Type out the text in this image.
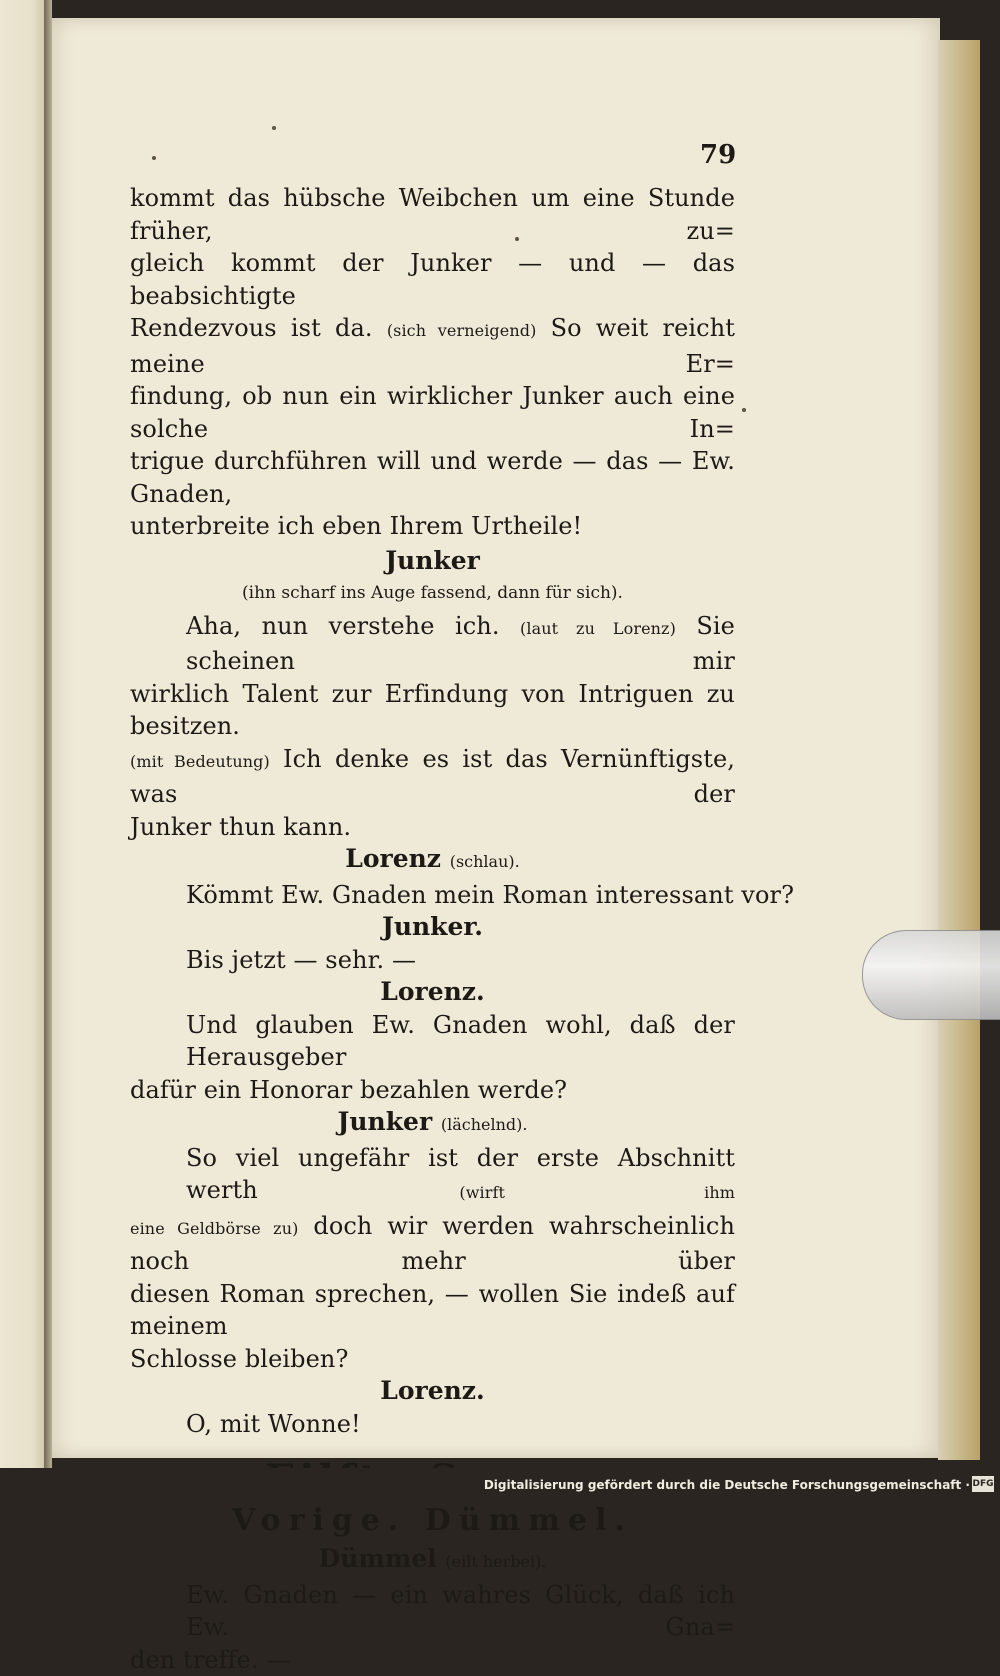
79
kommt das hübsche Weibchen um eine Stunde früher, zu=
gleich kommt der Junker — und — das beabsichtigte
Rendezvous ist da. (sich verneigend) So weit reicht meine Er=
findung, ob nun ein wirklicher Junker auch eine solche In=
trigue durchführen will und werde — das — Ew. Gnaden,
unterbreite ich eben Ihrem Urtheile!
Junker
(ihn scharf ins Auge fassend, dann für sich).
Aha, nun verstehe ich. (laut zu Lorenz) Sie scheinen mir
wirklich Talent zur Erfindung von Intriguen zu besitzen.
(mit Bedeutung) Ich denke es ist das Vernünftigste, was der
Junker thun kann.
Lorenz (schlau).
Kömmt Ew. Gnaden mein Roman interessant vor?
Junker.
Bis jetzt — sehr. —
Lorenz.
Und glauben Ew. Gnaden wohl, daß der Herausgeber
dafür ein Honorar bezahlen werde?
Junker (lächelnd).
So viel ungefähr ist der erste Abschnitt werth	(wirft ihm
eine Geldbörse zu) doch wir werden wahrscheinlich noch mehr über
diesen Roman sprechen, — wollen Sie indeß auf meinem
Schlosse bleiben?
Lorenz.
O, mit Wonne!
Vorige. Dümmel.
Dümmel (eilt herbei).
Ew. Gnaden — ein wahres Glück, daß ich Ew. Gna=
den treffe. —
Digitalisierung gefördert durch die Deutsche Forschungsgemeinschaft · DFG
